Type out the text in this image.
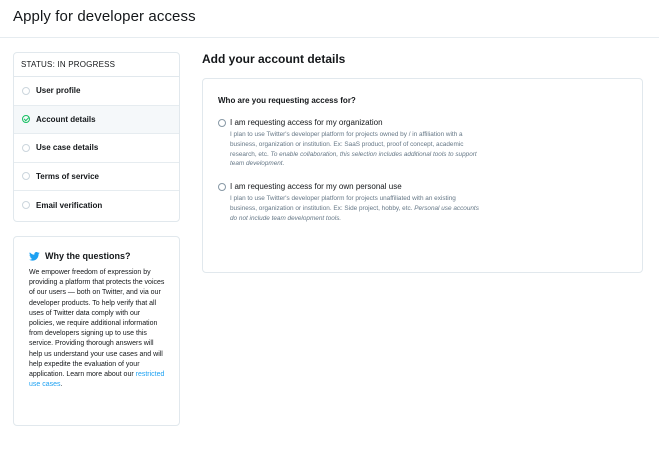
Apply for developer access
STATUS: IN PROGRESS
User profile
Account details
Use case details
Terms of service
Email verification
Why the questions?

We empower freedom of expression by providing a platform that protects the voices of our users — both on Twitter, and via our developer products. To help verify that all uses of Twitter data comply with our policies, we require additional information from developers signing up to use this service. Providing thorough answers will help us understand your use cases and will help expedite the evaluation of your application. Learn more about our restricted use cases.

Add your account details
Who are you requesting access for?
I am requesting access for my organization

I plan to use Twitter's developer platform for projects owned by / in affiliation with a business, organization or institution. Ex: SaaS product, proof of concept, academic research, etc. To enable collaboration, this selection includes additional tools to support team development.

I am requesting access for my own personal use

I plan to use Twitter's developer platform for projects unaffiliated with an existing business, organization or institution. Ex: Side project, hobby, etc. Personal use accounts do not include team development tools.
